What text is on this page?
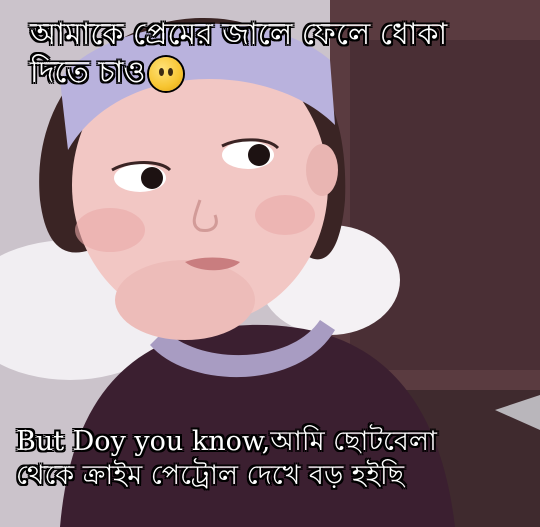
আমাকে প্রেমের জালে ফেলে ধোকা
দিতে চাও
But Doy you know,আমি ছোটবেলা
থেকে ক্রাইম পেট্রোল দেখে বড় হইছি
